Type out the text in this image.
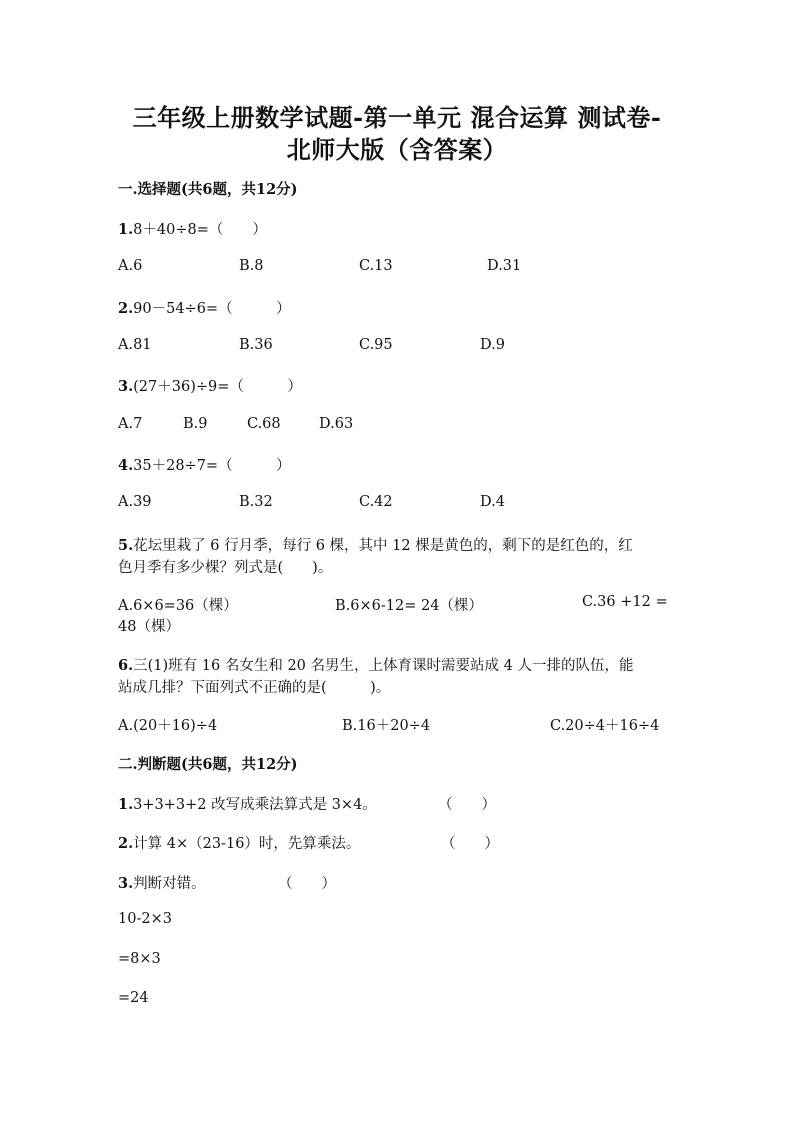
三年级上册数学试题-第一单元 混合运算 测试卷-
北师大版（含答案）
一.选择题(共6题，共12分)
1.8＋40÷8=（　　）
A.6	B.8	C.13	D.31
2.90－54÷6=（　　　）
A.81	B.36	C.95	D.9
3.(27＋36)÷9=（　　　）
A.7	B.9	C.68	D.63
4.35＋28÷7=（　　　）
A.39	B.32	C.42	D.4
5.花坛里栽了 6 行月季，每行 6 棵，其中 12 棵是黄色的，剩下的是红色的，红
色月季有多少棵？列式是(　　)。
A.6×6=36（棵）	B.6×6-12= 24（棵）	C.36 +12 =
48（棵）
6.三(1)班有 16 名女生和 20 名男生，上体育课时需要站成 4 人一排的队伍，能
站成几排？下面列式不正确的是(　　　)。
A.(20＋16)÷4	B.16＋20÷4	C.20÷4＋16÷4
二.判断题(共6题，共12分)
1.3+3+3+2 改写成乘法算式是 3×4。	（　　）
2.计算 4×（23-16）时，先算乘法。	（　　）
3.判断对错。	（　　）
10-2×3
=8×3
=24
